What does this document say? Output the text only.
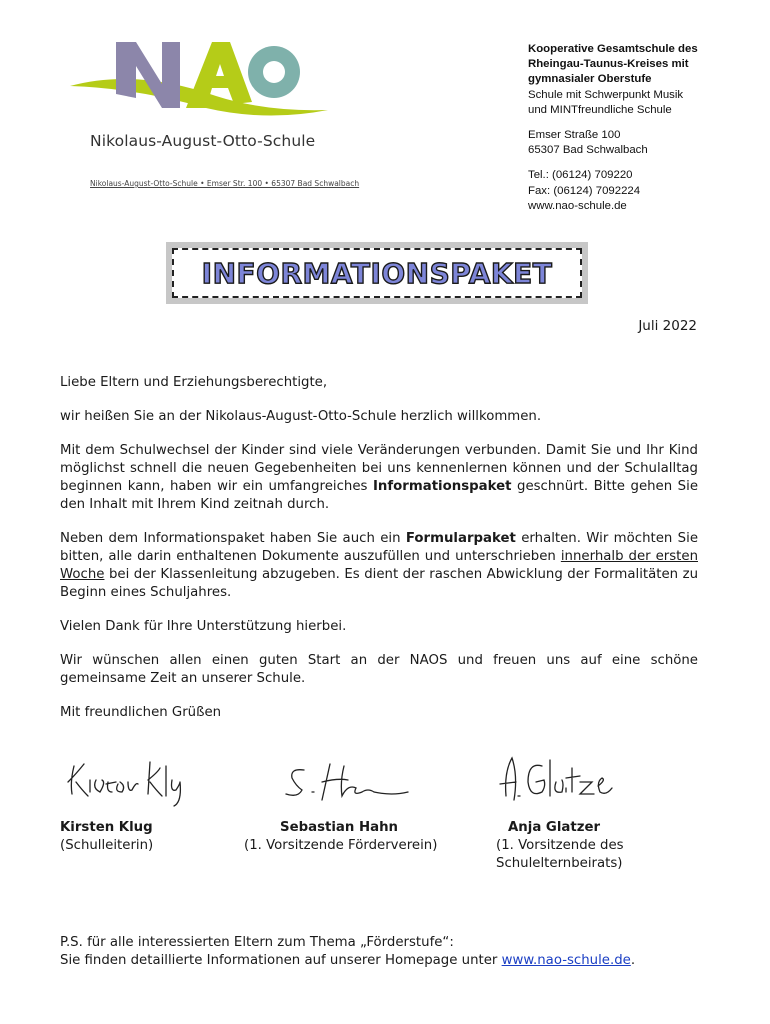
Nikolaus-August-Otto-Schule
Nikolaus-August-Otto-Schule • Emser Str. 100 • 65307 Bad Schwalbach
Kooperative Gesamtschule des
Rheingau-Taunus-Kreises mit
gymnasialer Oberstufe
Schule mit Schwerpunkt Musik
und MINTfreundliche Schule
Emser Straße 100
65307 Bad Schwalbach
Tel.: (06124) 709220
Fax: (06124) 7092224
www.nao-schule.de
INFORMATIONSPAKET
Juli 2022

Liebe Eltern und Erziehungsberechtigte,

wir heißen Sie an der Nikolaus-August-Otto-Schule herzlich willkommen.

Mit dem Schulwechsel der Kinder sind viele Veränderungen verbunden. Damit Sie und Ihr Kind möglichst schnell die neuen Gegebenheiten bei uns kennenlernen können und der Schulalltag beginnen kann, haben wir ein umfangreiches Informationspaket geschnürt. Bitte gehen Sie den Inhalt mit Ihrem Kind zeitnah durch.

Neben dem Informationspaket haben Sie auch ein Formularpaket erhalten. Wir möchten Sie bitten, alle darin enthaltenen Dokumente auszufüllen und unterschrieben innerhalb der ersten Woche bei der Klassenleitung abzugeben. Es dient der raschen Abwicklung der Formalitäten zu Beginn eines Schuljahres.

Vielen Dank für Ihre Unterstützung hierbei.

Wir wünschen allen einen guten Start an der NAOS und freuen uns auf eine schöne gemeinsame Zeit an unserer Schule.

Mit freundlichen Grüßen

Kirsten Klug
(Schulleiterin)
Sebastian Hahn
(1. Vorsitzende Förderverein)
Anja Glatzer
(1. Vorsitzende des
Schulelternbeirats)
P.S. für alle interessierten Eltern zum Thema „Förderstufe“:
Sie finden detaillierte Informationen auf unserer Homepage unter www.nao-schule.de.
